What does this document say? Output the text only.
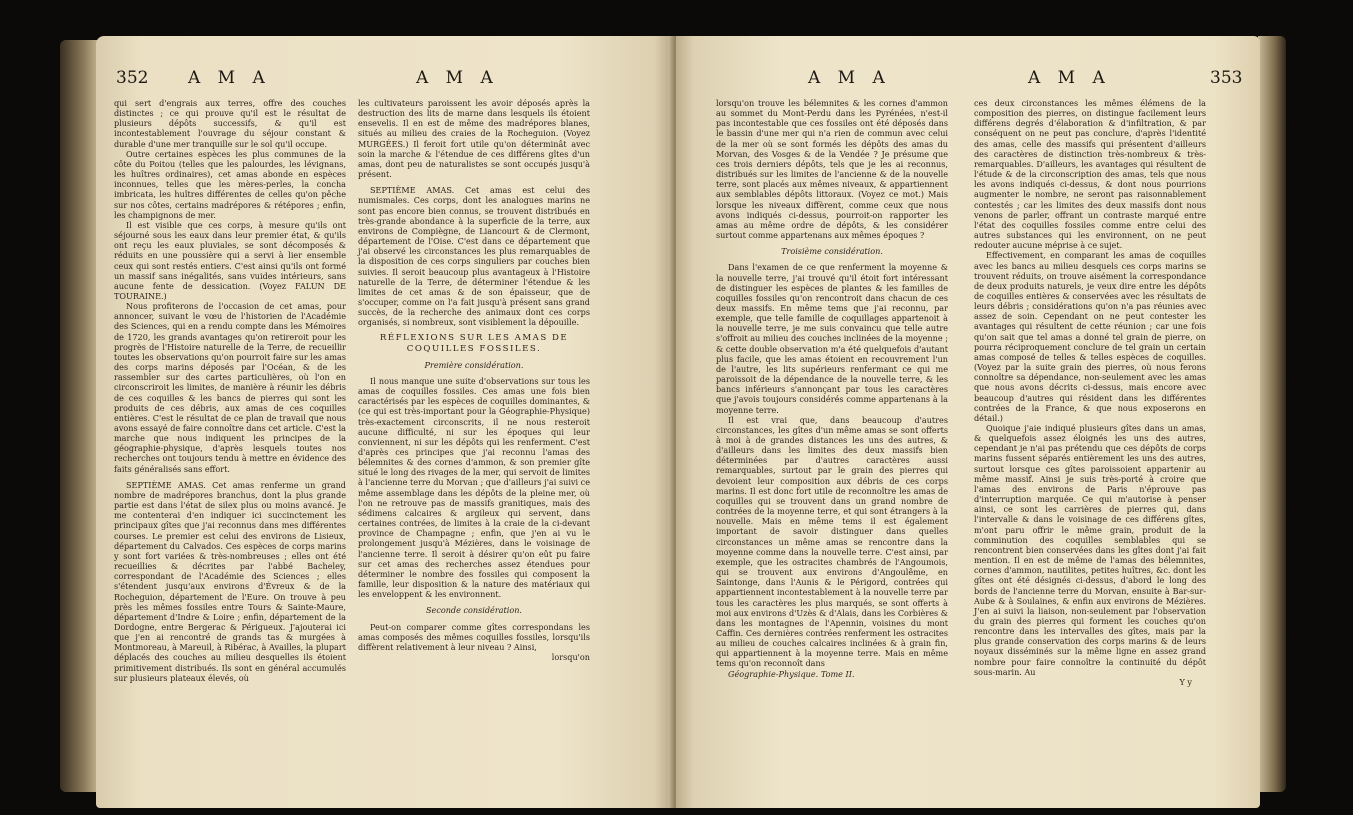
352 A M A	A M A

qui sert d'engrais aux terres, offre des couches distinctes ; ce qui prouve qu'il est le résultat de plusieurs dépôts successifs, & qu'il est incontestablement l'ouvrage du séjour constant & durable d'une mer tranquille sur le sol qu'il occupe.

Outre certaines espèces les plus communes de la côte du Poitou (telles que les palourdes, les lévignans, les huîtres ordinaires), cet amas abonde en espèces inconnues, telles que les mères-perles, la concha imbricata, les huîtres différentes de celles qu'on pêche sur nos côtes, certains madrépores & rétépores ; enfin, les champignons de mer.

Il est visible que ces corps, à mesure qu'ils ont séjourné sous les eaux dans leur premier état, & qu'ils ont reçu les eaux pluviales, se sont décomposés & réduits en une poussière qui a servi à lier ensemble ceux qui sont restés entiers. C'est ainsi qu'ils ont formé un massif sans inégalités, sans vuides intérieurs, sans aucune fente de dessication. (Voyez FALUN DE TOURAINE.)

Nous profiterons de l'occasion de cet amas, pour annoncer, suivant le vœu de l'historien de l'Académie des Sciences, qui en a rendu compte dans les Mémoires de 1720, les grands avantages qu'on retireroit pour les progrès de l'Histoire naturelle de la Terre, de recueillir toutes les observations qu'on pourroit faire sur les amas des corps marins déposés par l'Océan, & de les rassembler sur des cartes particulières, où l'on en circonscriroit les limites, de manière à réunir les débris de ces coquilles & les bancs de pierres qui sont les produits de ces débris, aux amas de ces coquilles entières. C'est le résultat de ce plan de travail que nous avons essayé de faire connoître dans cet article. C'est la marche que nous indiquent les principes de la géographie-physique, d'après lesquels toutes nos recherches ont toujours tendu à mettre en évidence des faits généralisés sans effort.

SEPTIÈME AMAS. Cet amas renferme un grand nombre de madrépores branchus, dont la plus grande partie est dans l'état de silex plus ou moins avancé. Je me contenterai d'en indiquer ici succinctement les principaux gîtes que j'ai reconnus dans mes différentes courses. Le premier est celui des environs de Lisieux, département du Calvados. Ces espèces de corps marins y sont fort variées & très-nombreuses ; elles ont été recueillies & décrites par l'abbé Bacheley, correspondant de l'Académie des Sciences ; elles s'étendent jusqu'aux environs d'Évreux & de la Rocheguion, département de l'Eure. On trouve à peu près les mêmes fossiles entre Tours & Sainte-Maure, département d'Indre & Loire ; enfin, département de la Dordogne, entre Bergerac & Périgueux. J'ajouterai ici que j'en ai rencontré de grands tas & murgées à Montmoreau, à Mareuil, à Ribérac, à Availles, la plupart déplacés des couches au milieu desquelles ils étoient primitivement distribués. Ils sont en général accumulés sur plusieurs plateaux élevés, où

les cultivateurs paroissent les avoir déposés après la destruction des lits de marne dans lesquels ils étoient ensevelis. Il en est de même des madrépores blanes, situés au milieu des craies de la Rocheguion. (Voyez MURGÉES.) Il feroit fort utile qu'on déterminât avec soin la marche & l'étendue de ces différens gîtes d'un amas, dont peu de naturalistes se sont occupés jusqu'à présent.

SEPTIÈME AMAS. Cet amas est celui des numismales. Ces corps, dont les analogues marins ne sont pas encore bien connus, se trouvent distribués en très-grande abondance à la superficie de la terre, aux environs de Compiègne, de Liancourt & de Clermont, département de l'Oise. C'est dans ce département que j'ai observé les circonstances les plus remarquables de la disposition de ces corps singuliers par couches bien suivies. Il seroit beaucoup plus avantageux à l'Histoire naturelle de la Terre, de déterminer l'étendue & les limites de cet amas & de son épaisseur, que de s'occuper, comme on l'a fait jusqu'à présent sans grand succès, de la recherche des animaux dont ces corps organisés, si nombreux, sont visiblement la dépouille.

RÉFLEXIONS SUR LES AMAS DE COQUILLES FOSSILES.

Première considération.

Il nous manque une suite d'observations sur tous les amas de coquilles fossiles. Ces amas une fois bien caractérisés par les espèces de coquilles dominantes, & (ce qui est très-important pour la Géographie-Physique) très-exactement circonscrits, il ne nous resteroit aucune difficulté, ni sur les époques qui leur conviennent, ni sur les dépôts qui les renferment. C'est d'après ces principes que j'ai reconnu l'amas des bélemnites & des cornes d'ammon, & son premier gîte situé le long des rivages de la mer, qui servoit de limites à l'ancienne terre du Morvan ; que d'ailleurs j'ai suivi ce même assemblage dans les dépôts de la pleine mer, où l'on ne retrouve pas de massifs granitiques, mais des sédimens calcaires & argileux qui servent, dans certaines contrées, de limites à la craie de la ci-devant province de Champagne ; enfin, que j'en ai vu le prolongement jusqu'à Mézières, dans le voisinage de l'ancienne terre. Il seroit à désirer qu'on eût pu faire sur cet amas des recherches assez étendues pour déterminer le nombre des fossiles qui composent la famille, leur disposition & la nature des matériaux qui les enveloppent & les environnent.

Seconde considération.

Peut-on comparer comme gîtes correspondans les amas composés des mêmes coquilles fossiles, lorsqu'ils diffèrent relativement à leur niveau ? Ainsi,

lorsqu'on

A M A	A M A	353

lorsqu'on trouve les bélemnites & les cornes d'ammon au sommet du Mont-Perdu dans les Pyrénées, n'est-il pas incontestable que ces fossiles ont été déposés dans le bassin d'une mer qui n'a rien de commun avec celui de la mer où se sont formés les dépôts des amas du Morvan, des Vosges & de la Vendée ? Je présume que ces trois derniers dépôts, tels que je les ai reconnus, distribués sur les limites de l'ancienne & de la nouvelle terre, sont placés aux mêmes niveaux, & appartiennent aux semblables dépôts littoraux. (Voyez ce mot.) Mais lorsque les niveaux diffèrent, comme ceux que nous avons indiqués ci-dessus, pourroit-on rapporter les amas au même ordre de dépôts, & les considérer surtout comme appartenans aux mêmes époques ?

Troisième considération.

Dans l'examen de ce que renferment la moyenne & la nouvelle terre, j'ai trouvé qu'il étoit fort intéressant de distinguer les espèces de plantes & les familles de coquilles fossiles qu'on rencontroit dans chacun de ces deux massifs. En même tems que j'ai reconnu, par exemple, que telle famille de coquillages appartenoit à la nouvelle terre, je me suis convaincu que telle autre s'offroit au milieu des couches inclinées de la moyenne ; & cette double observation m'a été quelquefois d'autant plus facile, que les amas étoient en recouvrement l'un de l'autre, les lits supérieurs renfermant ce qui me paroissoit de la dépendance de la nouvelle terre, & les bancs inférieurs s'annonçant par tous les caractères que j'avois toujours considérés comme appartenans à la moyenne terre.

Il est vrai que, dans beaucoup d'autres circonstances, les gîtes d'un même amas se sont offerts à moi à de grandes distances les uns des autres, & d'ailleurs dans les limites des deux massifs bien déterminées par d'autres caractères aussi remarquables, surtout par le grain des pierres qui devoient leur composition aux débris de ces corps marins. Il est donc fort utile de reconnoître les amas de coquilles qui se trouvent dans un grand nombre de contrées de la moyenne terre, et qui sont étrangers à la nouvelle. Mais en même tems il est également important de savoir distinguer dans quelles circonstances un même amas se rencontre dans la moyenne comme dans la nouvelle terre. C'est ainsi, par exemple, que les ostracites chambrés de l'Angoumois, qui se trouvent aux environs d'Angoulême, en Saintonge, dans l'Aunis & le Périgord, contrées qui appartiennent incontestablement à la nouvelle terre par tous les caractères les plus marqués, se sont offerts à moi aux environs d'Uzès & d'Alais, dans les Corbières & dans les montagnes de l'Apennin, voisines du mont Caffin. Ces dernières contrées renferment les ostracites au milieu de couches calcaires inclinées & à grain fin, qui appartiennent à la moyenne terre. Mais en même tems qu'on reconnoît dans

Géographie-Physique. Tome II.

ces deux circonstances les mêmes élémens de la composition des pierres, on distingue facilement leurs différens degrés d'élaboration & d'infiltration, & par conséquent on ne peut pas conclure, d'après l'identité des amas, celle des massifs qui présentent d'ailleurs des caractères de distinction très-nombreux & très-remarquables. D'ailleurs, les avantages qui résultent de l'étude & de la circonscription des amas, tels que nous les avons indiqués ci-dessus, & dont nous pourrions augmenter le nombre, ne seront pas raisonnablement contestés ; car les limites des deux massifs dont nous venons de parler, offrant un contraste marqué entre l'état des coquilles fossiles comme entre celui des autres substances qui les environnent, on ne peut redouter aucune méprise à ce sujet.

Effectivement, en comparant les amas de coquilles avec les bancs au milieu desquels ces corps marins se trouvent réduits, on trouve aisément la correspondance de deux produits naturels, je veux dire entre les dépôts de coquilles entières & conservées avec les résultats de leurs débris ; considérations qu'on n'a pas réunies avec assez de soin. Cependant on ne peut contester les avantages qui résultent de cette réunion ; car une fois qu'on sait que tel amas a donné tel grain de pierre, on pourra réciproquement conclure de tel grain un certain amas composé de telles & telles espèces de coquilles. (Voyez par la suite grain des pierres, où nous ferons connoître sa dépendance, non-seulement avec les amas que nous avons décrits ci-dessus, mais encore avec beaucoup d'autres qui résident dans les différentes contrées de la France, & que nous exposerons en détail.)

Quoique j'aie indiqué plusieurs gîtes dans un amas, & quelquefois assez éloignés les uns des autres, cependant je n'ai pas prétendu que ces dépôts de corps marins fussent séparés entièrement les uns des autres, surtout lorsque ces gîtes paroissoient appartenir au même massif. Ainsi je suis très-porté à croire que l'amas des environs de Paris n'éprouve pas d'interruption marquée. Ce qui m'autorise à penser ainsi, ce sont les carrières de pierres qui, dans l'intervalle & dans le voisinage de ces différens gîtes, m'ont paru offrir le même grain, produit de la comminution des coquilles semblables qui se rencontrent bien conservées dans les gîtes dont j'ai fait mention. Il en est de même de l'amas des bélemnites, cornes d'ammon, nautilites, petites huîtres, &c. dont les gîtes ont été désignés ci-dessus, d'abord le long des bords de l'ancienne terre du Morvan, ensuite à Bar-sur-Aube & à Soulaines, & enfin aux environs de Mézières. J'en ai suivi la liaison, non-seulement par l'observation du grain des pierres qui forment les couches qu'on rencontre dans les intervalles des gîtes, mais par la plus grande conservation des corps marins & de leurs noyaux disséminés sur la même ligne en assez grand nombre pour faire connoître la continuité du dépôt sous-marin. Au

Y y
